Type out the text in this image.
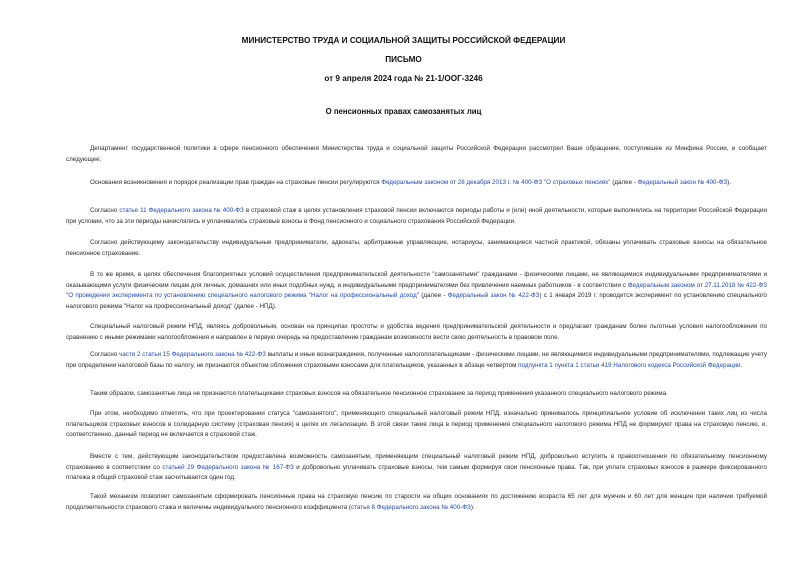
МИНИСТЕРСТВО ТРУДА И СОЦИАЛЬНОЙ ЗАЩИТЫ РОССИЙСКОЙ ФЕДЕРАЦИИ
ПИСЬМО
от 9 апреля 2024 года № 21-1/ООГ-3246
О пенсионных правах самозанятых лиц

Департамент государственной политики в сфере пенсионного обеспечения Министерства труда и социальной защиты Российской Федерации рассмотрел Ваше обращение, поступившее из Минфина России, и сообщает следующее.

Основания возникновения и порядок реализации прав граждан на страховые пенсии регулируются Федеральным законом от 28 декабря 2013 г. № 400-ФЗ "О страховых пенсиях" (далее - Федеральный закон № 400-ФЗ).

Согласно статье 11 Федерального закона № 400-ФЗ в страховой стаж в целях установления страховой пенсии включаются периоды работы и (или) иной деятельности, которые выполнялись на территории Российской Федерации при условии, что за эти периоды начислялись и уплачивались страховые взносы в Фонд пенсионного и социального страхования Российской Федерации.

Согласно действующему законодательству индивидуальные предприниматели, адвокаты, арбитражные управляющие, нотариусы, занимающиеся частной практикой, обязаны уплачивать страховые взносы на обязательное пенсионное страхование.

В то же время, в целях обеспечения благоприятных условий осуществления предпринимательской деятельности "самозанятыми" гражданами - физическими лицами, не являющимися индивидуальными предпринимателями и оказывающими услуги физическим лицам для личных, домашних или иных подобных нужд, и индивидуальными предпринимателями без привлечения наемных работников - в соответствии с Федеральным законом от 27.11.2018 № 422-ФЗ "О проведении эксперимента по установлению специального налогового режима "Налог на профессиональный доход" (далее - Федеральный закон № 422-ФЗ) с 1 января 2019 г. проводится эксперимент по установлению специального налогового режима "Налог на профессиональный доход" (далее - НПД).

Специальный налоговый режим НПД, являясь добровольным, основан на принципах простоты и удобства ведения предпринимательской деятельности и предлагает гражданам более льготные условия налогообложения по сравнению с иными режимами налогообложения и направлен в первую очередь на предоставление гражданам возможности вести свою деятельность в правовом поле.

Согласно части 2 статьи 15 Федерального закона № 422-ФЗ выплаты и иные вознаграждения, полученные налогоплательщиками - физическими лицами, не являющимися индивидуальными предпринимателями, подлежащие учету при определении налоговой базы по налогу, не признаются объектом обложения страховыми взносами для плательщиков, указанных в абзаце четвертом подпункта 1 пункта 1 статьи 419 Налогового кодекса Российской Федерации.

Таким образом, самозанятые лица не признаются плательщиками страховых взносов на обязательное пенсионное страхование за период применения указанного специального налогового режима.

При этом, необходимо отметить, что при проектировании статуса "самозанятого", применяющего специальный налоговый режим НПД, изначально принималось принципиальное условие об исключении таких лиц из числа плательщиков страховых взносов в солидарную систему (страховая пенсия) в целях их легализации. В этой связи такие лица в период применения специального налогового режима НПД не формируют права на страховую пенсию, и, соответственно, данный период не включается в страховой стаж.

Вместе с тем, действующим законодательством предоставлена возможность самозанятым, применяющим специальный налоговый режим НПД, добровольно вступить в правоотношения по обязательному пенсионному страхованию в соответствии со статьей 29 Федерального закона № 167-ФЗ и добровольно уплачивать страховые взносы, тем самым формируя свои пенсионные права. Так, при уплате страховых взносов в размере фиксированного платежа в общий страховой стаж засчитывается один год.

Такой механизм позволяет самозанятым сформировать пенсионные права на страховую пенсию по старости на общих основаниях по достижению возраста 65 лет для мужчин и 60 лет для женщин при наличии требуемой продолжительности страхового стажа и величины индивидуального пенсионного коэффициента (статья 8 Федерального закона № 400-ФЗ).
